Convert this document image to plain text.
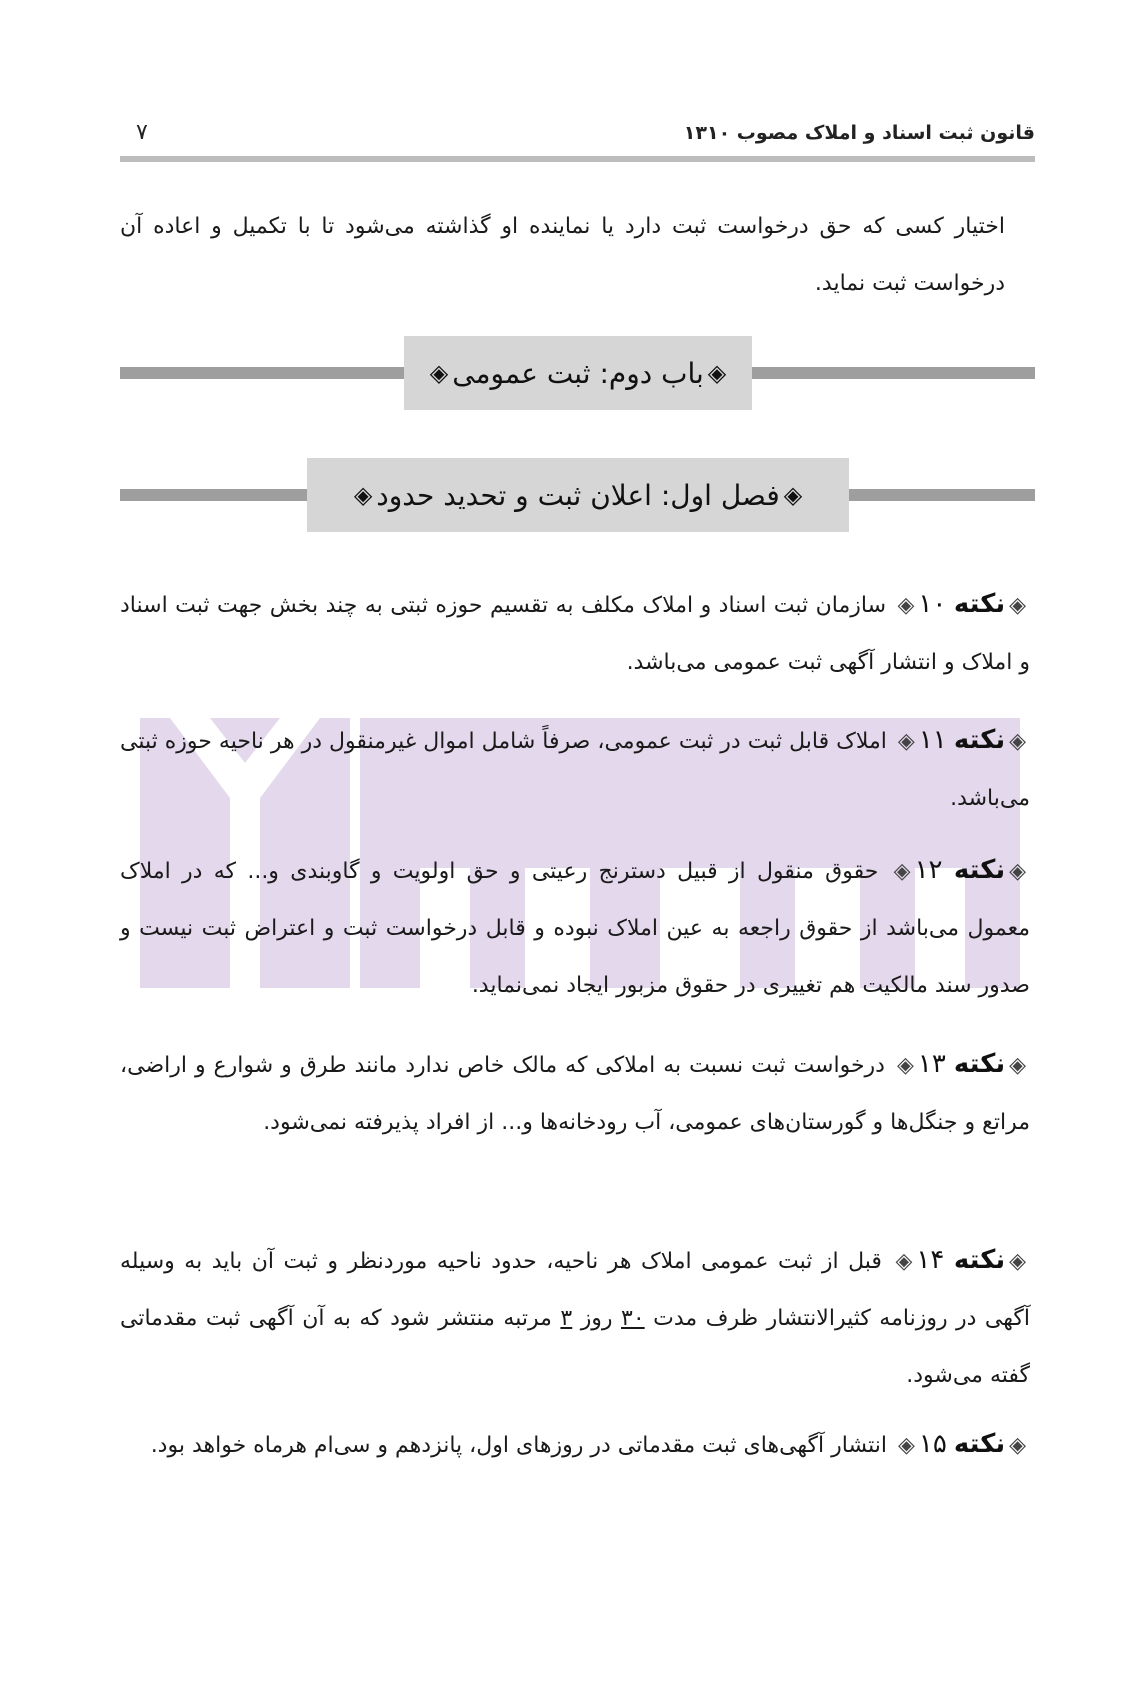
قانون ثبت اسناد و املاک مصوب ۱۳۱۰
۷
اختیار کسی که حق درخواست ثبت دارد یا نماینده او گذاشته می‌شود تا با تکمیل و اعاده آن درخواست ثبت نماید.
◈
باب دوم: ثبت عمومی
◈
◈
فصل اول: اعلان ثبت و تحدید حدود
◈
◈نکته ۱۰◈ سازمان ثبت اسناد و املاک مکلف به تقسیم حوزه ثبتی به چند بخش جهت ثبت اسناد و املاک و انتشار آگهی ثبت عمومی می‌باشد.
◈نکته ۱۱◈ املاک قابل ثبت در ثبت عمومی، صرفاً شامل اموال غیرمنقول در هر ناحیه حوزه ثبتی می‌باشد.
◈نکته ۱۲◈ حقوق منقول از قبیل دسترنج رعیتی و حق اولویت و گاوبندی و... که در املاک معمول می‌باشد از حقوق راجعه به عین املاک نبوده و قابل درخواست ثبت و اعتراض ثبت نیست و صدور سند مالکیت هم تغییری در حقوق مزبور ایجاد نمی‌نماید.
◈نکته ۱۳◈ درخواست ثبت نسبت به املاکی که مالک خاص ندارد مانند طرق و شوارع و اراضی، مراتع و جنگل‌ها و گورستان‌های عمومی، آب رودخانه‌ها و... از افراد پذیرفته نمی‌شود.
◈نکته ۱۴◈ قبل از ثبت عمومی املاک هر ناحیه، حدود ناحیه موردنظر و ثبت آن باید به وسیله آگهی در روزنامه کثیرالانتشار ظرف مدت ۳۰ روز ۳ مرتبه منتشر شود که به آن آگهی ثبت مقدماتی گفته می‌شود.
◈نکته ۱۵◈ انتشار آگهی‌های ثبت مقدماتی در روزهای اول، پانزدهم و سی‌ام هرماه خواهد بود.
